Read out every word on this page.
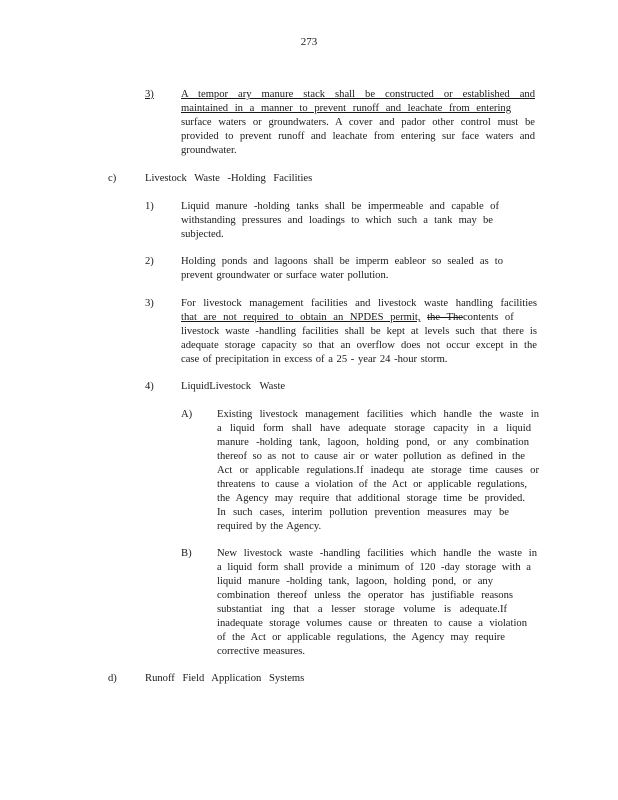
273
3)	A tempor ary manure stack shall be constructed or established and
maintained in a manner to prevent runoff and leachate from entering
surface waters or groundwaters. A cover and pador other control must be
provided to prevent runoff and leachate from entering sur face waters and
groundwater.
c)	Livestock Waste -Holding Facilities
1)	Liquid manure -holding tanks shall be impermeable and capable of
withstanding pressures and loadings to which such a tank may be
subjected.
2)	Holding ponds and lagoons shall be imperm eableor so sealed as to
prevent groundwater or surface water pollution.
3)	For livestock management facilities and livestock waste handling facilities
that are not required to obtain an NPDES permit, the Thecontents of
livestock waste -handling facilities shall be kept at levels such that there is
adequate storage capacity so that an overflow does not occur except in the
case of precipitation in excess of a 25 - year 24 -hour storm.
4)	LiquidLivestock Waste
A) Existing livestock management facilities which handle the waste in
a liquid form shall have adequate storage capacity in a liquid
manure -holding tank, lagoon, holding pond, or any combination
thereof so as not to cause air or water pollution as defined in the
Act or applicable regulations.If inadequ ate storage time causes or
threatens to cause a violation of the Act or applicable regulations,
the Agency may require that additional storage time be provided.
In such cases, interim pollution prevention measures may be
required by the Agency.
B) New livestock waste -handling facilities which handle the waste in
a liquid form shall provide a minimum of 120 -day storage with a
liquid manure -holding tank, lagoon, holding pond, or any
combination thereof unless the operator has justifiable reasons
substantiat ing that a lesser storage volume is adequate.If
inadequate storage volumes cause or threaten to cause a violation
of the Act or applicable regulations, the Agency may require
corrective measures.
d)	Runoff Field Application Systems
